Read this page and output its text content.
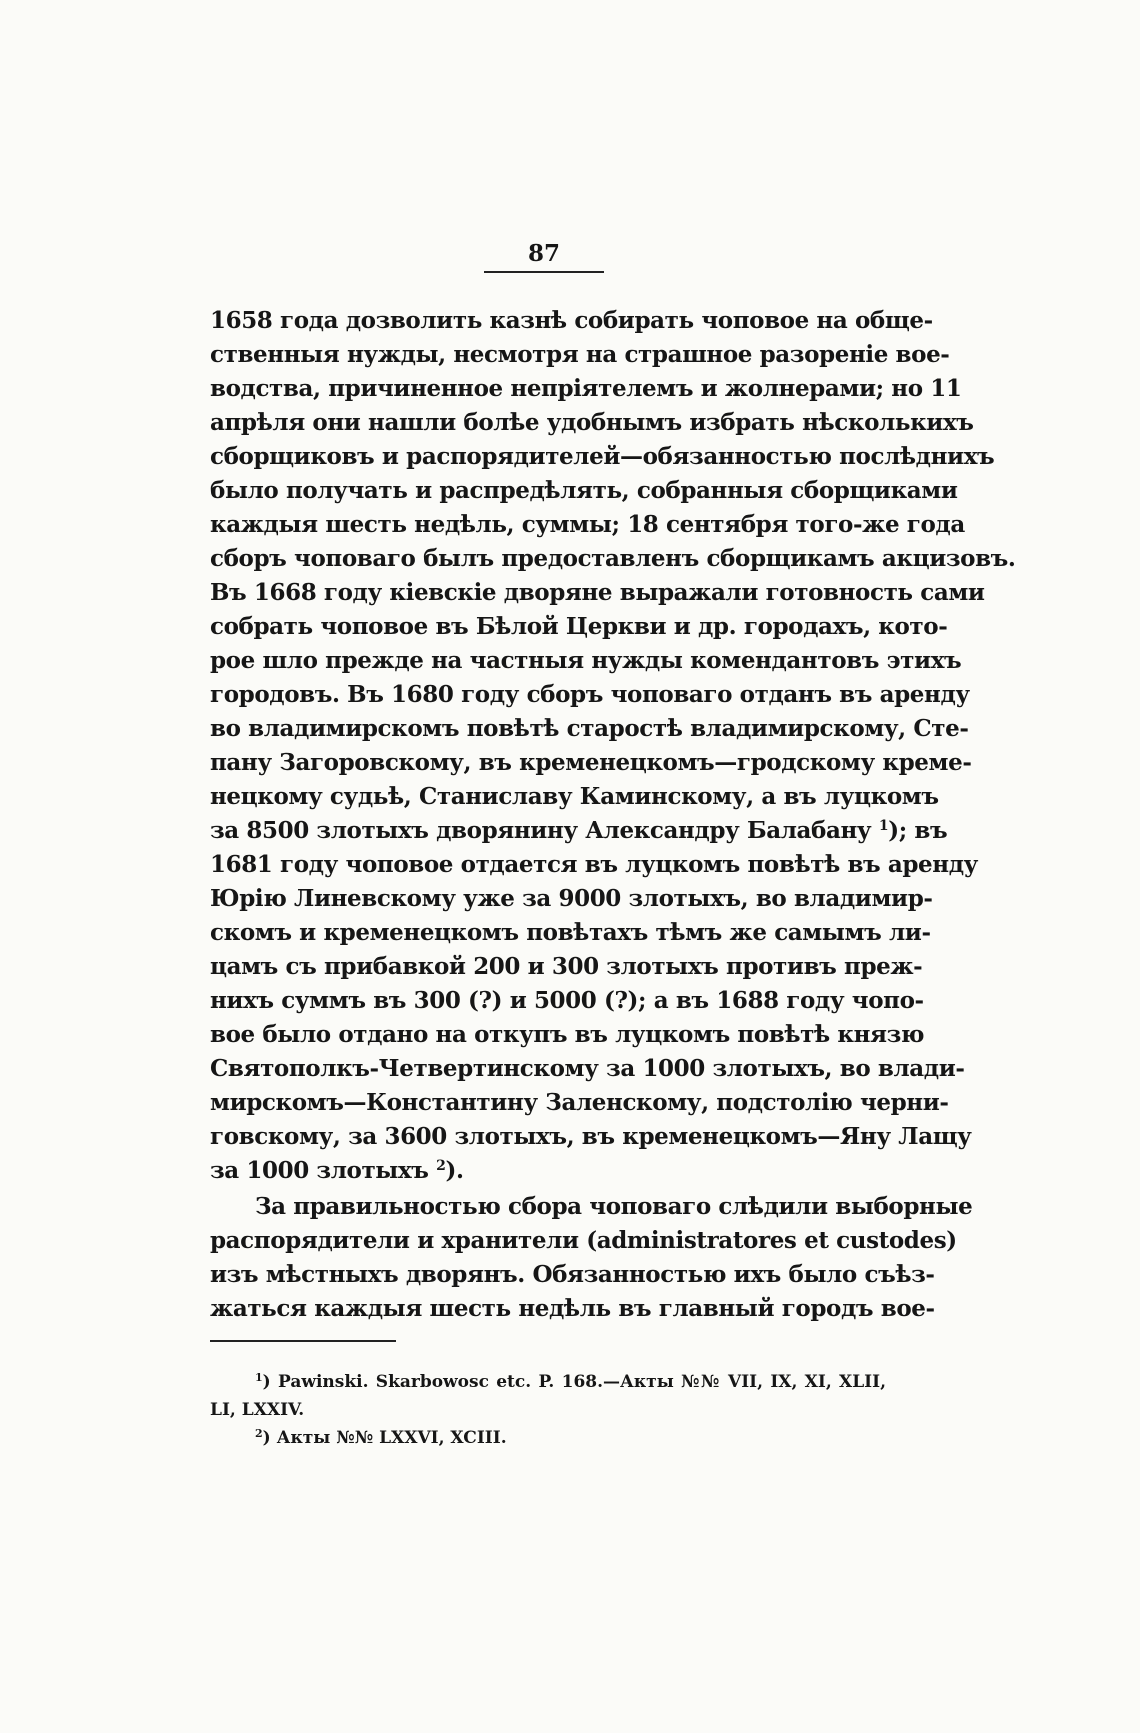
87
1658 года дозволить казнѣ собирать чоповое на обще-
ственныя нужды, несмотря на страшное разореніе вое-
водства, причиненное непріятелемъ и жолнерами; но 11
апрѣля они нашли болѣе удобнымъ избрать нѣсколькихъ
сборщиковъ и распорядителей—обязанностью послѣднихъ
было получать и распредѣлять, собранныя сборщиками
каждыя шесть недѣль, суммы; 18 сентября того-же года
сборъ чоповаго былъ предоставленъ сборщикамъ акцизовъ.
Въ 1668 году кіевскіе дворяне выражали готовность сами
собрать чоповое въ Бѣлой Церкви и др. городахъ, кото-
рое шло прежде на частныя нужды комендантовъ этихъ
городовъ. Въ 1680 году сборъ чоповаго отданъ въ аренду
во владимирскомъ повѣтѣ старостѣ владимирскому, Сте-
пану Загоровскому, въ кременецкомъ—гродскому креме-
нецкому судьѣ, Станиславу Каминскому, а въ луцкомъ
за 8500 злотыхъ дворянину Александру Балабану $^1$); въ
1681 году чоповое отдается въ луцкомъ повѣтѣ въ аренду
Юрію Линевскому уже за 9000 злотыхъ, во владимир-
скомъ и кременецкомъ повѣтахъ тѣмъ же самымъ ли-
цамъ съ прибавкой 200 и 300 злотыхъ противъ преж-
нихъ суммъ въ 300 (?) и 5000 (?); а въ 1688 году чопо-
вое было отдано на откупъ въ луцкомъ повѣтѣ князю
Святополкъ-Четвертинскому за 1000 злотыхъ, во влади-
мирскомъ—Константину Заленскому, подстолію черни-
говскому, за 3600 злотыхъ, въ кременецкомъ—Яну Лащу
за 1000 злотыхъ $^2$).
За правильностью сбора чоповаго слѣдили выборные
распорядители и хранители (administratores et custodes)
изъ мѣстныхъ дворянъ. Обязанностью ихъ было съѣз-
жаться каждыя шесть недѣль въ главный городъ вое-
$^1$) Pawinski. Skarbowosc etc. P. 168.—Акты №№ VII, IX, XI, XLII,
LI, LXXIV.
$^2$) Акты №№ LXXVI, XCIII.
